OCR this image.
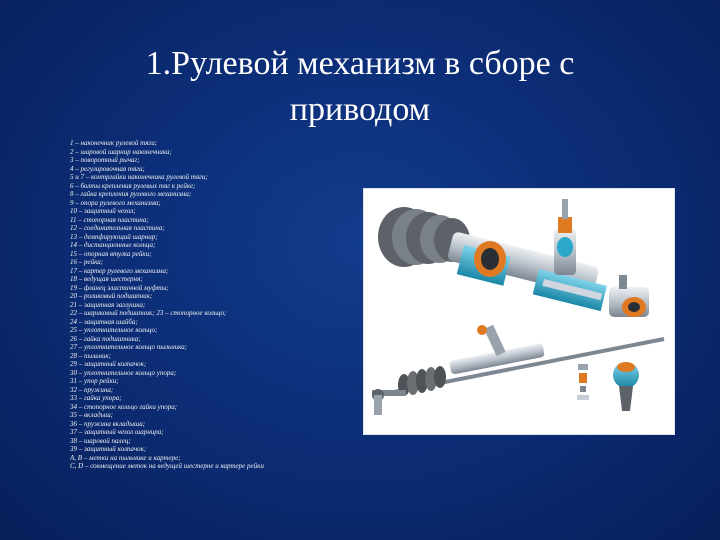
1.Рулевой механизм в сборе с
приводом
1 – наконечник рулевой тяги;
2 – шаровой шарнир наконечника;
3 – поворотный рычаг;
4 – регулировочная тяга;
5 и 7 – контргайки наконечника рулевой тяги;
6 – болты крепления рулевых тяг к рейке;
8 – гайка крепления рулевого механизма;
9 – опора рулевого механизма;
10 – защитный чехол;
11 – стопорная пластина;
12 – соединительная пластина;
13 – демпфирующий шарнир;
14 – дистанционные кольца;
15 – опорная втулка рейки;
16 – рейка;
17 – картер рулевого механизма;
18 – ведущая шестерня;
19 – фланец эластичной муфты;
20 – роликовый подшипник;
21 – защитная заглушка;
22 – шариковый подшипник; 23 – стопорное кольцо;
24 – защитная шайба;
25 – уплотнительное кольцо;
26 – гайка подшипника;
27 – уплотнительное кольцо пыльника;
28 – пыльник;
29 – защитный колпачок;
30 – уплотнительное кольцо упора;
31 – упор рейки;
32 – пружина;
33 – гайка упора;
34 – стопорное кольцо гайки упора;
35 – вкладыш;
36 – пружина вкладыша;
37 – защитный чехол шарнира;
38 – шаровой палец;
39 – защитный колпачок;
A, B – метки на пыльнике и картере;
C, D – совмещение меток на ведущей шестерне и картере рейки
